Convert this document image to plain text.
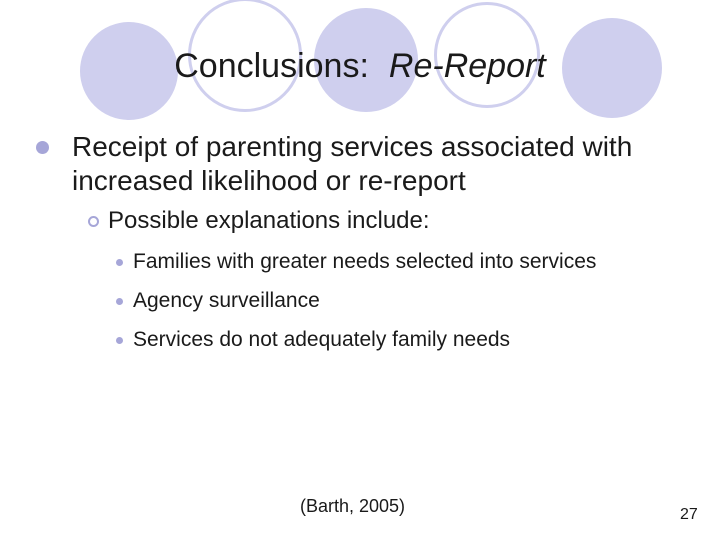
Conclusions: Re-Report
Receipt of parenting services associated with
increased likelihood or re-report
Possible explanations include:
Families with greater needs selected into services
Agency surveillance
Services do not adequately family needs
(Barth, 2005)	27
